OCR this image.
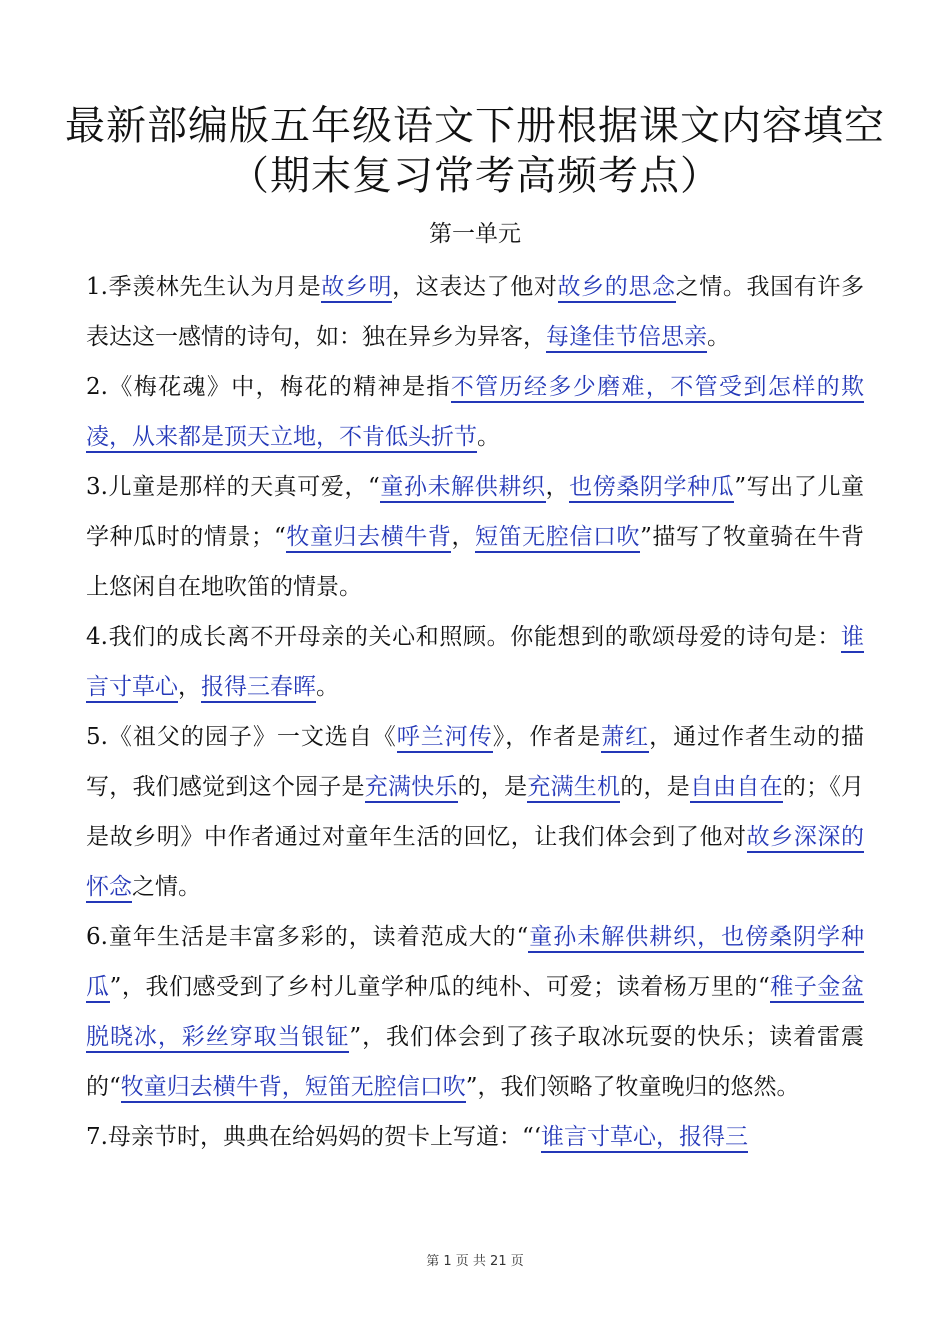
最新部编版五年级语文下册根据课文内容填空
（期末复习常考高频考点）
第一单元

1.季羡林先生认为月是故乡明，这表达了他对故乡的思念之情。我国有许多表达这一感情的诗句，如：独在异乡为异客，每逢佳节倍思亲。

2.《梅花魂》中，梅花的精神是指不管历经多少磨难，不管受到怎样的欺凌，从来都是顶天立地，不肯低头折节。

3.儿童是那样的天真可爱，“童孙未解供耕织，也傍桑阴学种瓜”写出了儿童学种瓜时的情景；“牧童归去横牛背，短笛无腔信口吹”描写了牧童骑在牛背上悠闲自在地吹笛的情景。

4.我们的成长离不开母亲的关心和照顾。你能想到的歌颂母爱的诗句是：谁言寸草心，报得三春晖。

5.《祖父的园子》一文选自《呼兰河传》，作者是萧红，通过作者生动的描写，我们感觉到这个园子是充满快乐的，是充满生机的，是自由自在的；《月是故乡明》中作者通过对童年生活的回忆，让我们体会到了他对故乡深深的怀念之情。

6.童年生活是丰富多彩的，读着范成大的“童孙未解供耕织，也傍桑阴学种瓜”，我们感受到了乡村儿童学种瓜的纯朴、可爱；读着杨万里的“稚子金盆脱晓冰，彩丝穿取当银钲”，我们体会到了孩子取冰玩耍的快乐；读着雷震的“牧童归去横牛背，短笛无腔信口吹”，我们领略了牧童晚归的悠然。

7.母亲节时，典典在给妈妈的贺卡上写道：“‘谁言寸草心，报得三

第 1 页 共 21 页
